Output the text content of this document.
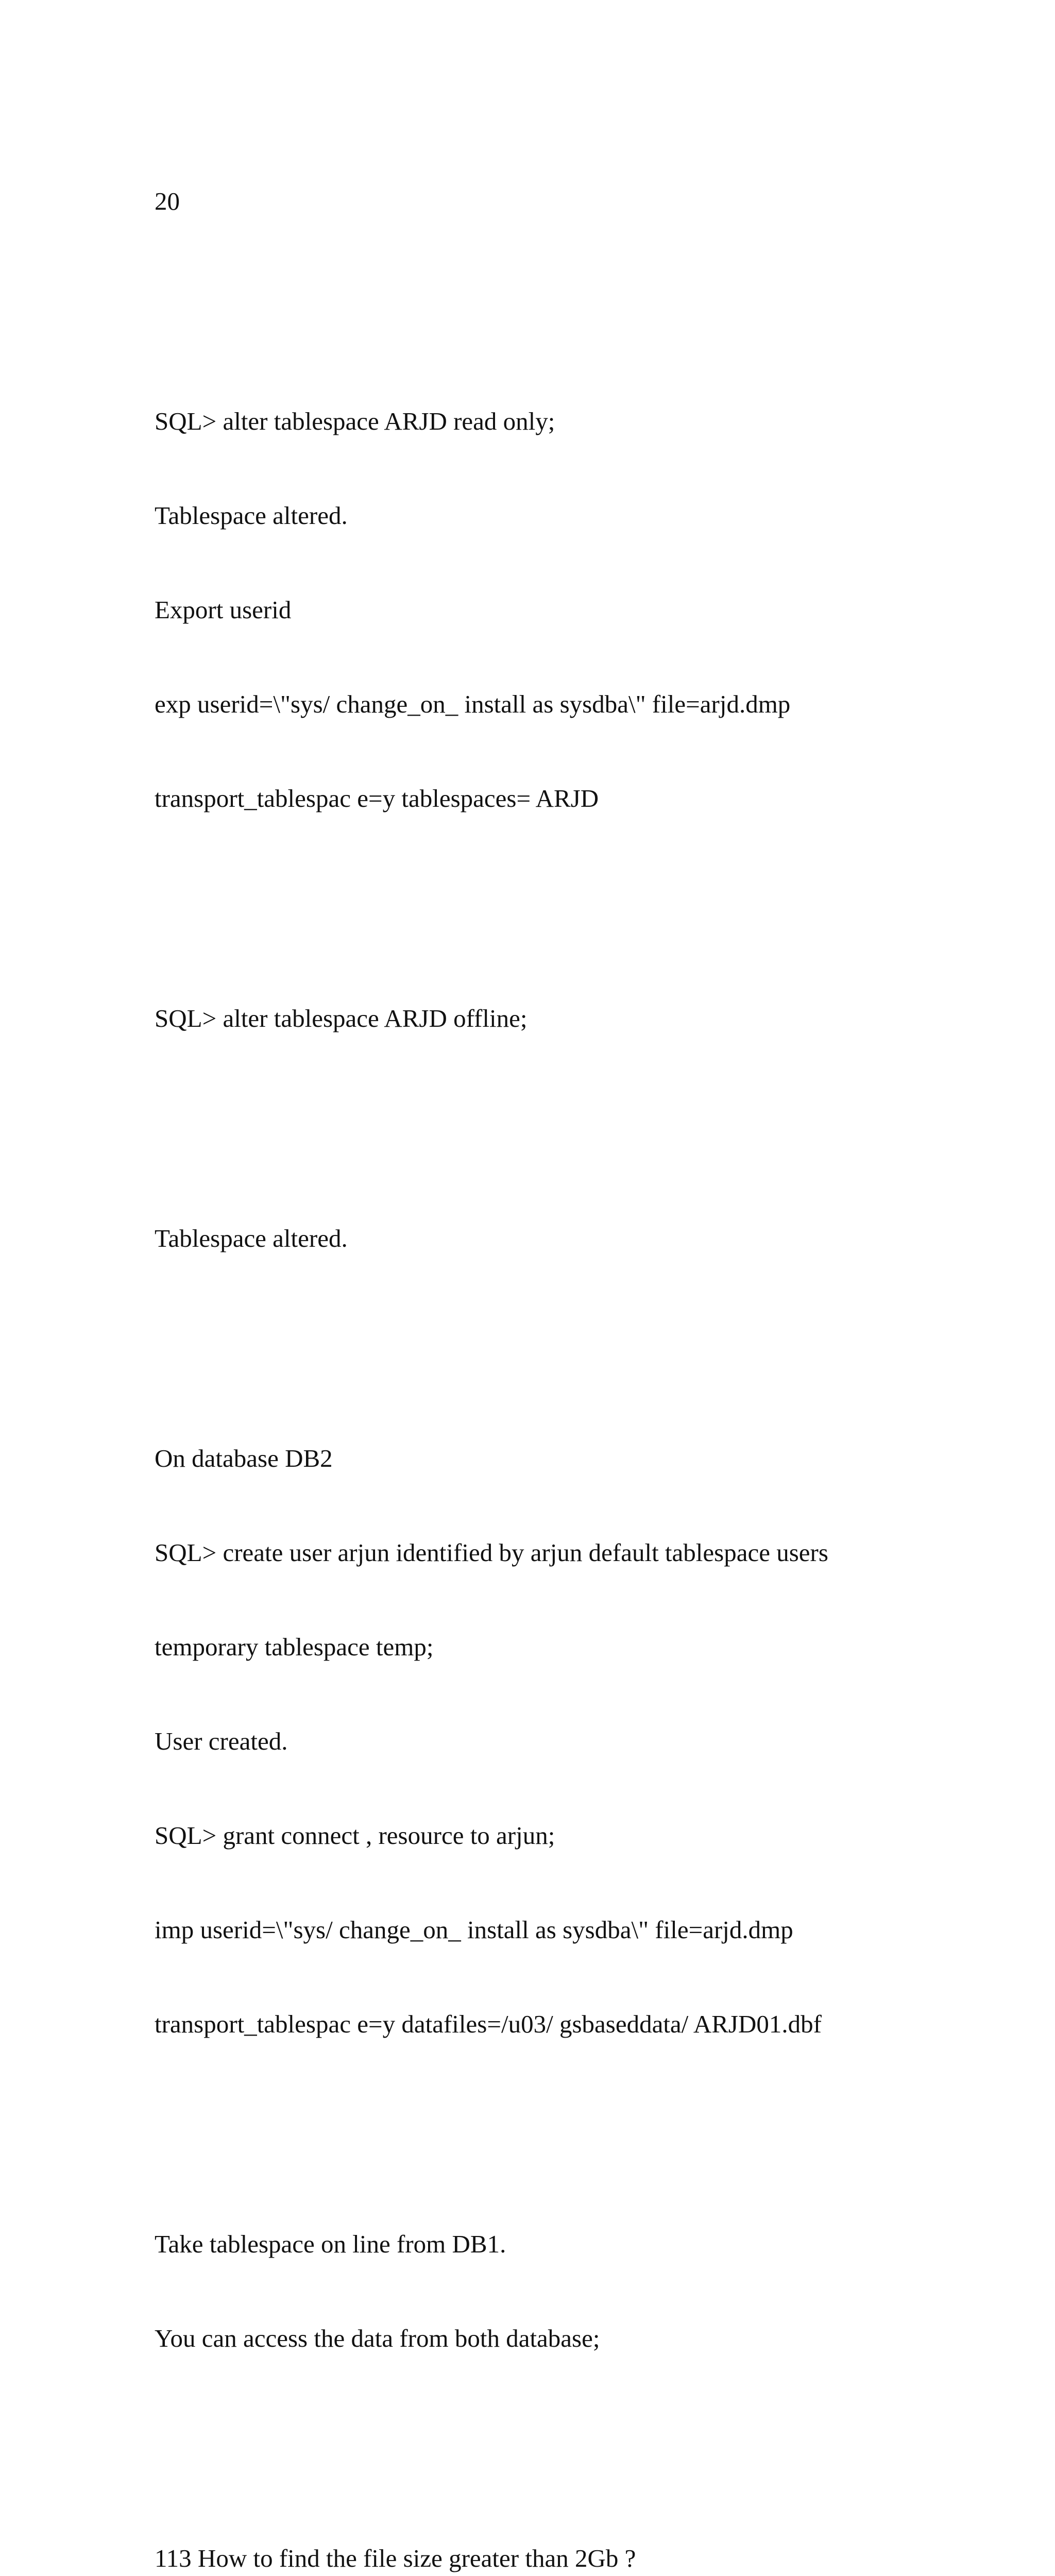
20

SQL> alter tablespace ARJD read only;

Tablespace altered.

Export userid

exp userid=\"sys/ change_on_ install as sysdba\" file=arjd.dmp

transport_tablespac e=y tablespaces= ARJD

SQL> alter tablespace ARJD offline;

Tablespace altered.

On database DB2

SQL> create user arjun identified by arjun default tablespace users

temporary tablespace temp;

User created.

SQL> grant connect , resource to arjun;

imp userid=\"sys/ change_on_ install as sysdba\" file=arjd.dmp

transport_tablespac e=y datafiles=/u03/ gsbaseddata/ ARJD01.dbf

Take tablespace on line from DB1.

You can access the data from both database;

113 How to find the file size greater than 2Gb ?
